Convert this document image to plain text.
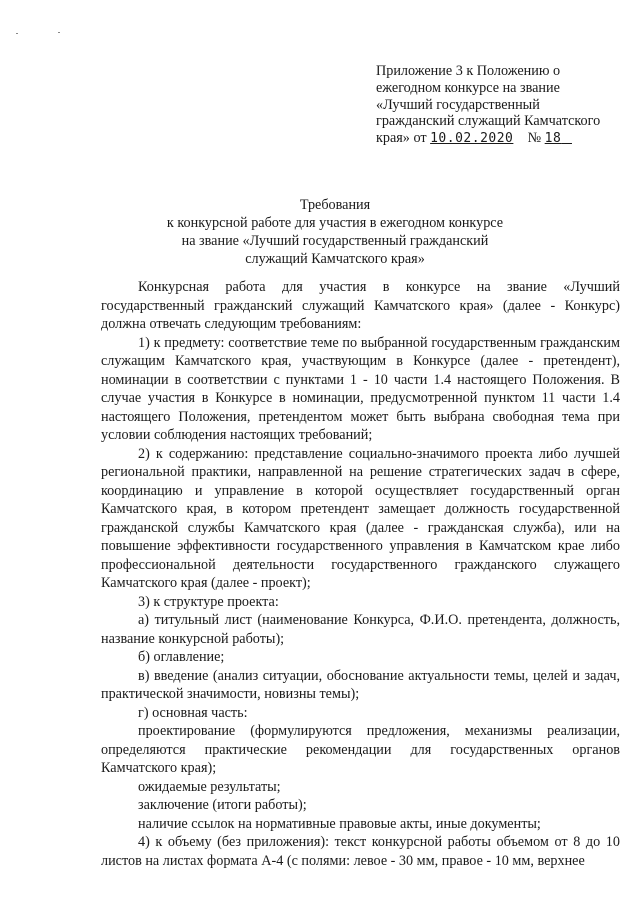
Приложение 3 к Положению о
ежегодном конкурсе на звание
«Лучший государственный
гражданский служащий Камчатского
края» от 10.02.2020 № 18
Требования
к конкурсной работе для участия в ежегодном конкурсе
на звание «Лучший государственный гражданский
служащий Камчатского края»

Конкурсная работа для участия в конкурсе на звание «Лучший государственный гражданский служащий Камчатского края» (далее - Конкурс) должна отвечать следующим требованиям:

1) к предмету: соответствие теме по выбранной государственным гражданским служащим Камчатского края, участвующим в Конкурсе (далее - претендент), номинации в соответствии с пунктами 1 - 10 части 1.4 настоящего Положения. В случае участия в Конкурсе в номинации, предусмотренной пунктом 11 части 1.4 настоящего Положения, претендентом может быть выбрана свободная тема при условии соблюдения настоящих требований;

2) к содержанию: представление социально-значимого проекта либо лучшей региональной практики, направленной на решение стратегических задач в сфере, координацию и управление в которой осуществляет государственный орган Камчатского края, в котором претендент замещает должность государственной гражданской службы Камчатского края (далее - гражданская служба), или на повышение эффективности государственного управления в Камчатском крае либо профессиональной деятельности государственного гражданского служащего Камчатского края (далее - проект);

3) к структуре проекта:

а) титульный лист (наименование Конкурса, Ф.И.О. претендента, должность, название конкурсной работы);

б) оглавление;

в) введение (анализ ситуации, обоснование актуальности темы, целей и задач, практической значимости, новизны темы);

г) основная часть:

проектирование (формулируются предложения, механизмы реализации, определяются практические рекомендации для государственных органов Камчатского края);

ожидаемые результаты;

заключение (итоги работы);

наличие ссылок на нормативные правовые акты, иные документы;

4) к объему (без приложения): текст конкурсной работы объемом от 8 до 10 листов на листах формата А-4 (с полями: левое - 30 мм, правое - 10 мм, верхнее
